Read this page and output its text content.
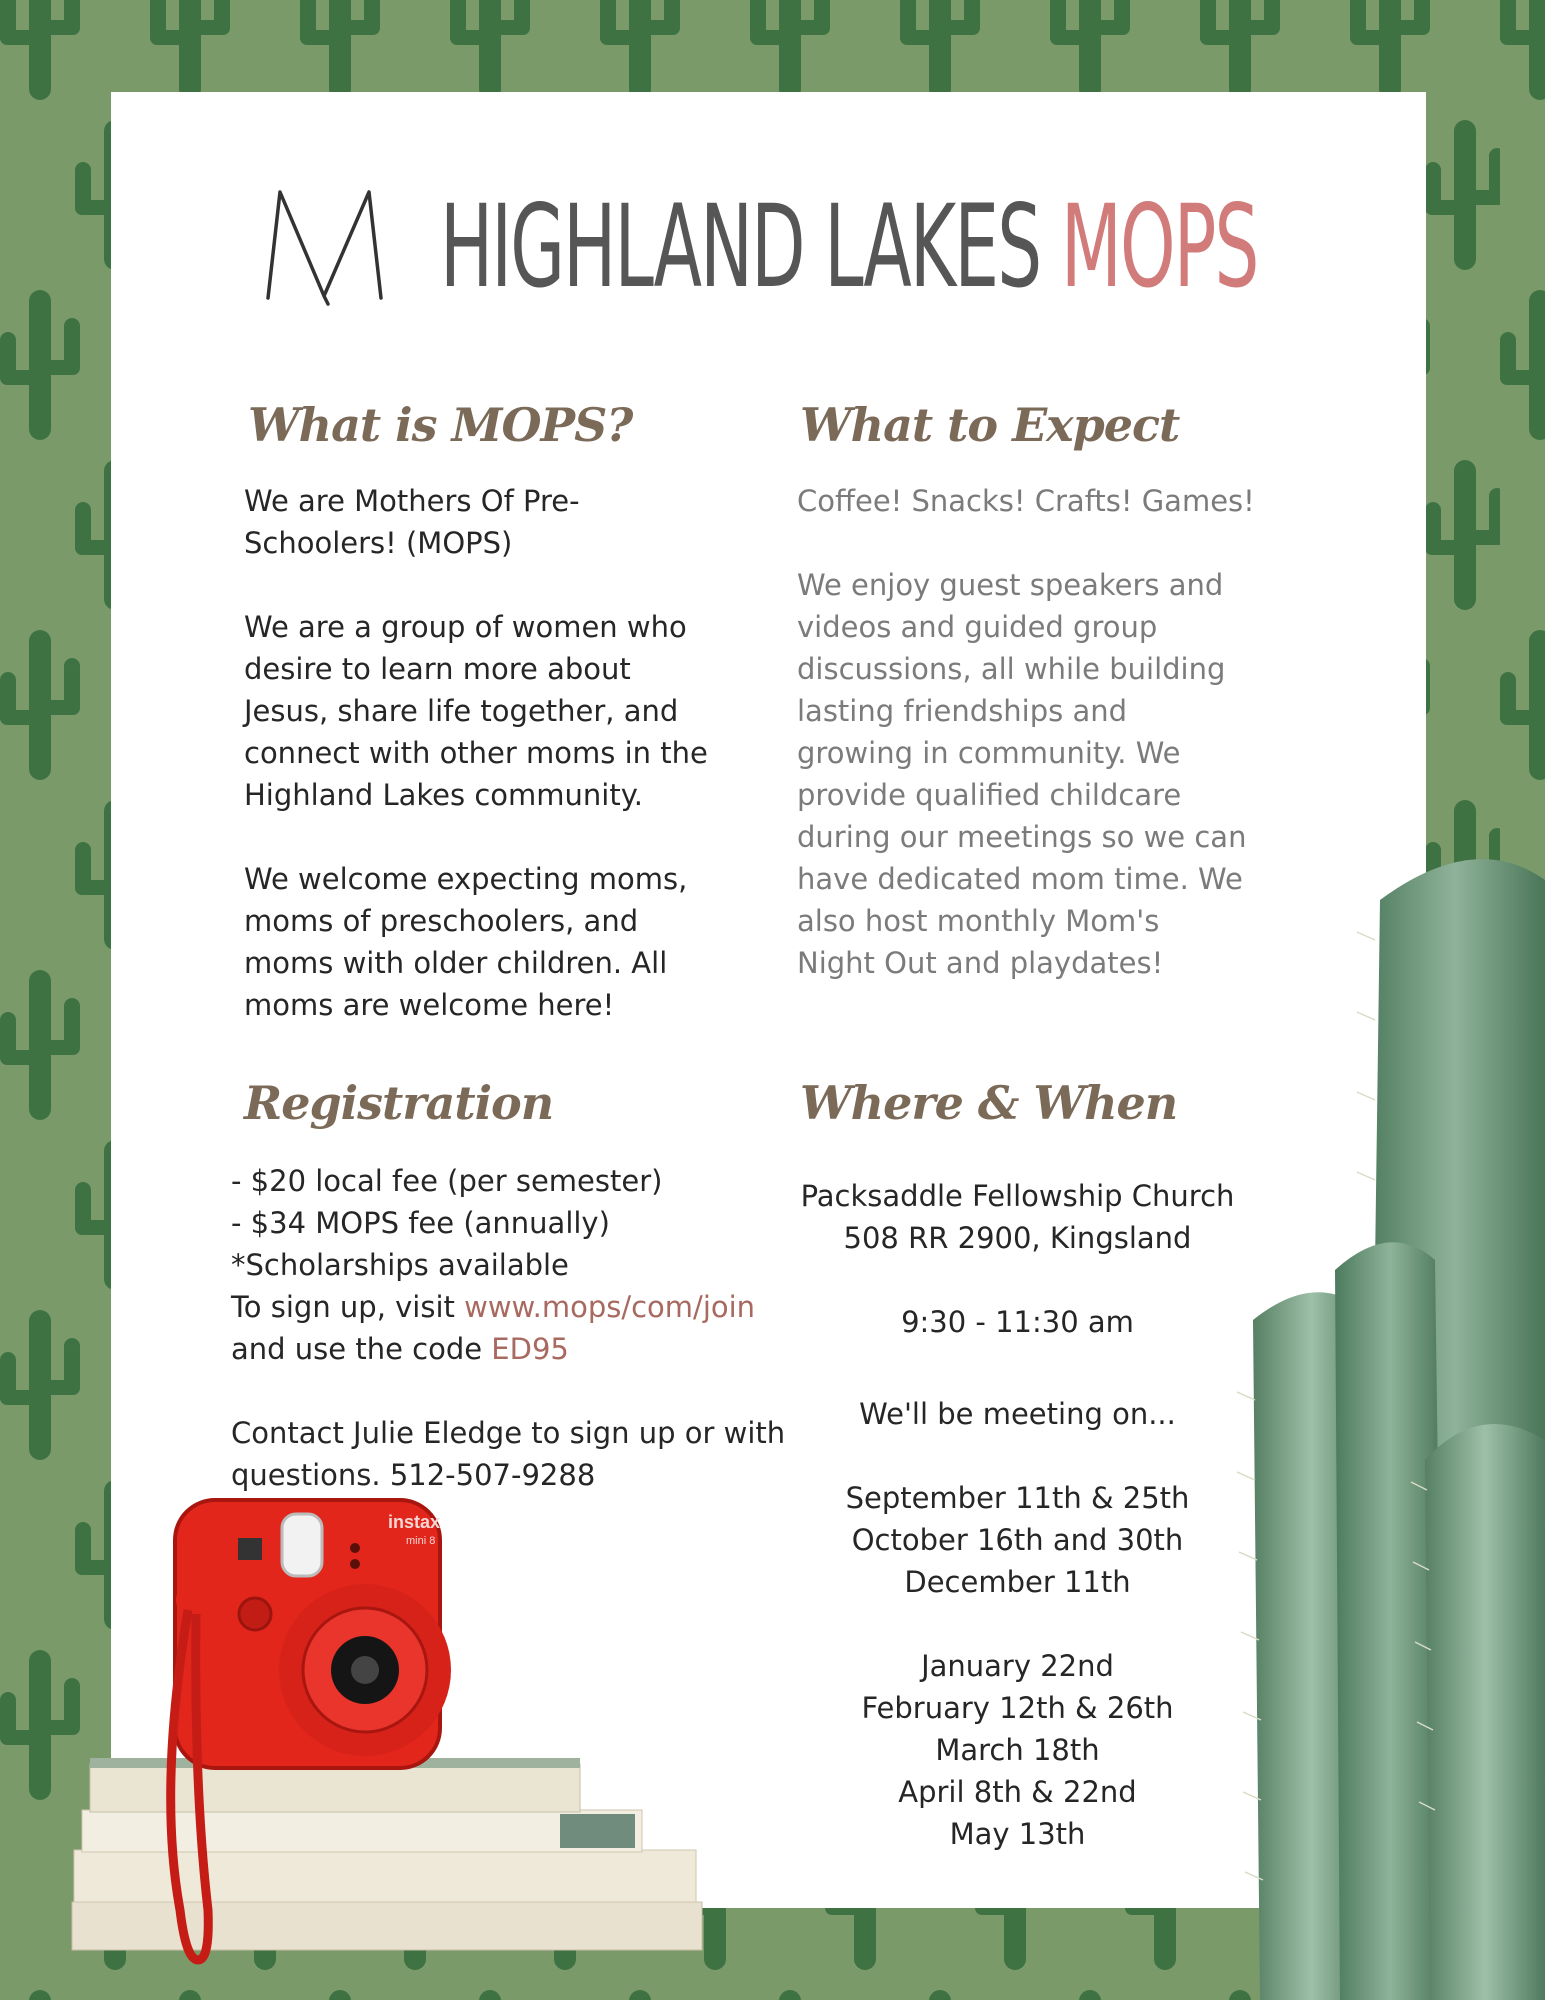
HIGHLAND LAKES MOPS
What is MOPS?

We are Mothers Of Pre-
Schoolers! (MOPS)

We are a group of women who
desire to learn more about
Jesus, share life together, and
connect with other moms in the
Highland Lakes community.

We welcome expecting moms,
moms of preschoolers, and
moms with older children. All
moms are welcome here!

What to Expect

Coffee! Snacks! Crafts! Games!

We enjoy guest speakers and
videos and guided group
discussions, all while building
lasting friendships and
growing in community. We
provide qualified childcare
during our meetings so we can
have dedicated mom time. We
also host monthly Mom's
Night Out and playdates!

Registration

- $20 local fee (per semester)
- $34 MOPS fee (annually)
*Scholarships available
To sign up, visit www.mops/com/join
and use the code ED95

Contact Julie Eledge to sign up or with
questions. 512-507-9288

Where & When

Packsaddle Fellowship Church
508 RR 2900, Kingsland

9:30 - 11:30 am

We'll be meeting on...

September 11th & 25th
October 16th and 30th
December 11th

January 22nd
February 12th & 26th
March 18th
April 8th & 22nd
May 13th

instax
mini 8
